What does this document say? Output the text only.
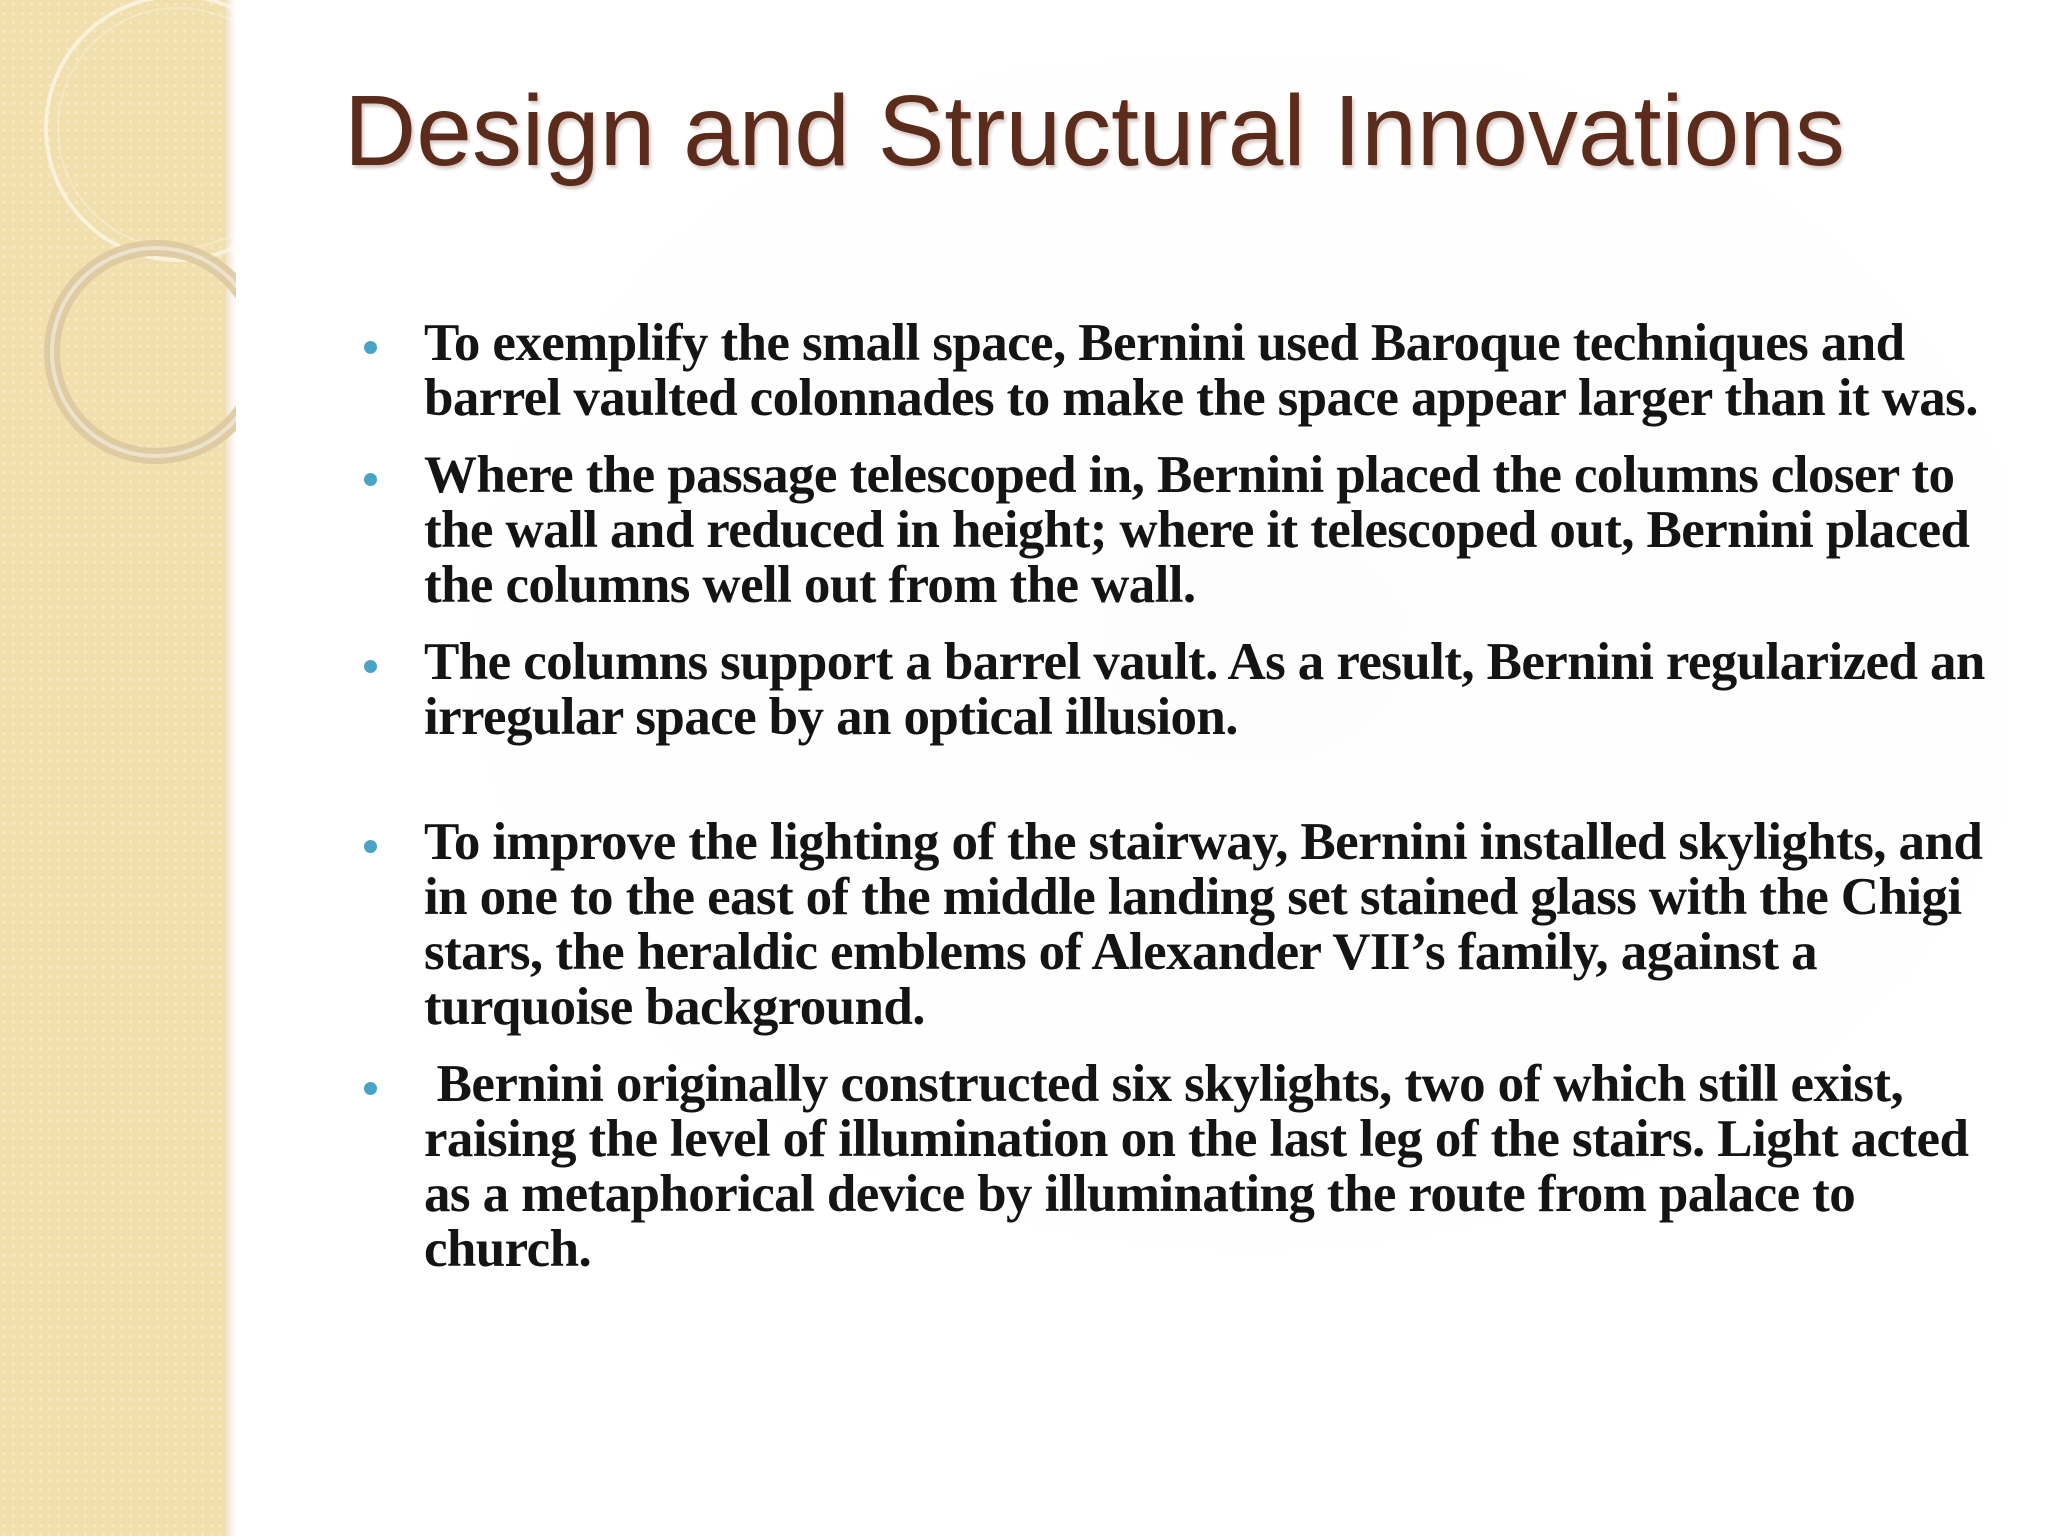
Design and Structural Innovations
To exemplify the small space, Bernini used Baroque techniques and barrel vaulted colonnades to make the space appear larger than it was.
Where the passage telescoped in, Bernini placed the columns closer to the wall and reduced in height; where it telescoped out, Bernini placed the columns well out from the wall.
The columns support a barrel vault. As a result, Bernini regularized an irregular space by an optical illusion.
To improve the lighting of the stairway, Bernini installed skylights, and in one to the east of the middle landing set stained glass with the Chigi stars, the heraldic emblems of Alexander VII’s family, against a turquoise background.
Bernini originally constructed six skylights, two of which still exist, raising the level of illumination on the last leg of the stairs. Light acted as a metaphorical device by illuminating the route from palace to church.
